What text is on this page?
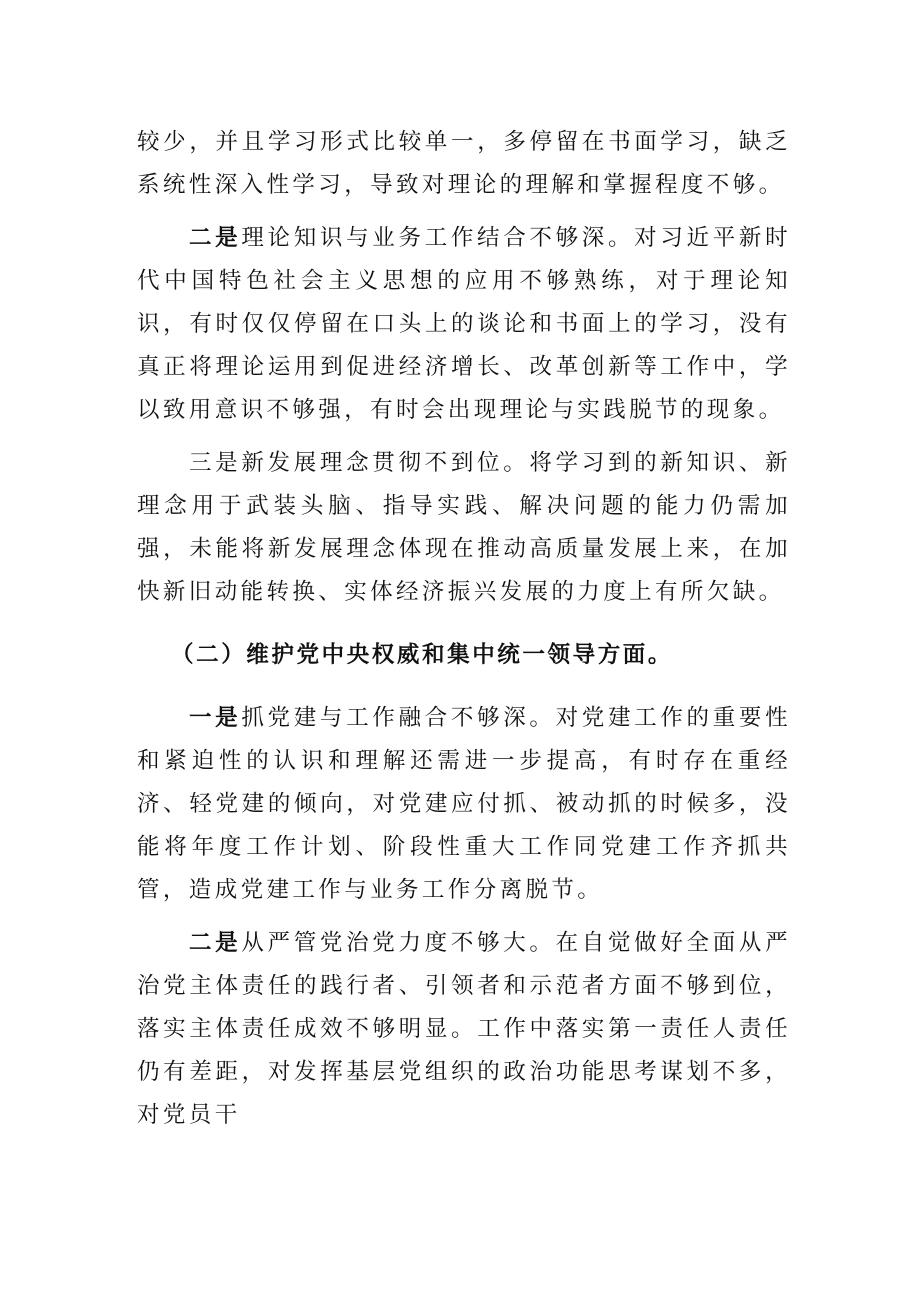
较少，并且学习形式比较单一，多停留在书面学习，缺乏系统性深入性学习，导致对理论的理解和掌握程度不够。

二是理论知识与业务工作结合不够深。对习近平新时代中国特色社会主义思想的应用不够熟练，对于理论知识，有时仅仅停留在口头上的谈论和书面上的学习，没有真正将理论运用到促进经济增长、改革创新等工作中，学以致用意识不够强，有时会出现理论与实践脱节的现象。

三是新发展理念贯彻不到位。将学习到的新知识、新理念用于武装头脑、指导实践、解决问题的能力仍需加强，未能将新发展理念体现在推动高质量发展上来，在加快新旧动能转换、实体经济振兴发展的力度上有所欠缺。

（二）维护党中央权威和集中统一领导方面。

一是抓党建与工作融合不够深。对党建工作的重要性和紧迫性的认识和理解还需进一步提高，有时存在重经济、轻党建的倾向，对党建应付抓、被动抓的时候多，没能将年度工作计划、阶段性重大工作同党建工作齐抓共管，造成党建工作与业务工作分离脱节。

二是从严管党治党力度不够大。在自觉做好全面从严治党主体责任的践行者、引领者和示范者方面不够到位，落实主体责任成效不够明显。工作中落实第一责任人责任仍有差距，对发挥基层党组织的政治功能思考谋划不多，对党员干
